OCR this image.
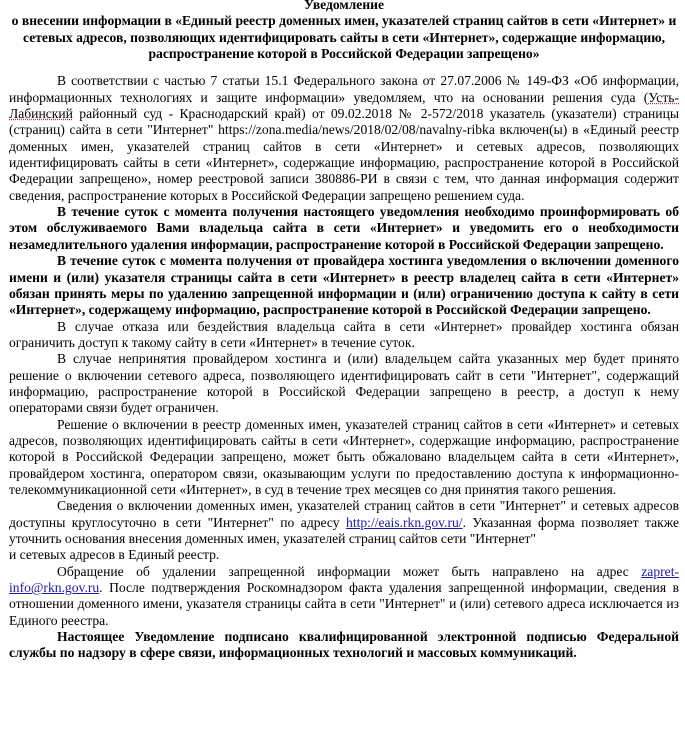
Уведомление
о внесении информации в «Единый реестр доменных имен, указателей страниц сайтов в сети «Интернет» и сетевых адресов, позволяющих идентифицировать сайты в сети «Интернет», содержащие информацию, распространение которой в Российской Федерации запрещено»

В соответствии с частью 7 статьи 15.1 Федерального закона от 27.07.2006 № 149-ФЗ «Об информации, информационных технологиях и защите информации» уведомляем, что на основании решения суда (Усть-Лабинский районный суд - Краснодарский край) от 09.02.2018 № 2-572/2018 указатель (указатели) страницы (страниц) сайта в сети "Интернет" https://zona.media/news/2018/02/08/navalny-ribka включен(ы) в «Единый реестр доменных имен, указателей страниц сайтов в сети «Интернет» и сетевых адресов, позволяющих идентифицировать сайты в сети «Интернет», содержащие информацию, распространение которой в Российской Федерации запрещено», номер реестровой записи 380886-РИ в связи с тем, что данная информация содержит сведения, распространение которых в Российской Федерации запрещено решением суда.

В течение суток с момента получения настоящего уведомления необходимо проинформировать об этом обслуживаемого Вами владельца сайта в сети «Интернет» и уведомить его о необходимости незамедлительного удаления информации, распространение которой в Российской Федерации запрещено.

В течение суток с момента получения от провайдера хостинга уведомления о включении доменного имени и (или) указателя страницы сайта в сети «Интернет» в реестр владелец сайта в сети «Интернет» обязан принять меры по удалению запрещенной информации и (или) ограничению доступа к сайту в сети «Интернет», содержащему информацию, распространение которой в Российской Федерации запрещено.

В случае отказа или бездействия владельца сайта в сети «Интернет» провайдер хостинга обязан ограничить доступ к такому сайту в сети «Интернет» в течение суток.

В случае непринятия провайдером хостинга и (или) владельцем сайта указанных мер будет принято решение о включении сетевого адреса, позволяющего идентифицировать сайт в сети "Интернет", содержащий информацию, распространение которой в Российской Федерации запрещено в реестр, а доступ к нему операторами связи будет ограничен.

Решение о включении в реестр доменных имен, указателей страниц сайтов в сети «Интернет» и сетевых адресов, позволяющих идентифицировать сайты в сети «Интернет», содержащие информацию, распространение которой в Российской Федерации запрещено, может быть обжаловано владельцем сайта в сети «Интернет», провайдером хостинга, оператором связи, оказывающим услуги по предоставлению доступа к информационно-телекоммуникационной сети «Интернет», в суд в течение трех месяцев со дня принятия такого решения.

Сведения о включении доменных имен, указателей страниц сайтов в сети "Интернет" и сетевых адресов доступны круглосуточно в сети "Интернет" по адресу http://eais.rkn.gov.ru/. Указанная форма позволяет также уточнить основания внесения доменных имен, указателей страниц сайтов сети "Интернет"

и сетевых адресов в Единый реестр.

Обращение об удалении запрещенной информации может быть направлено на адрес zapret-info@rkn.gov.ru. После подтверждения Роскомнадзором факта удаления запрещенной информации, сведения в отношении доменного имени, указателя страницы сайта в сети "Интернет" и (или) сетевого адреса исключается из Единого реестра.

Настоящее Уведомление подписано квалифицированной электронной подписью Федеральной службы по надзору в сфере связи, информационных технологий и массовых коммуникаций.
